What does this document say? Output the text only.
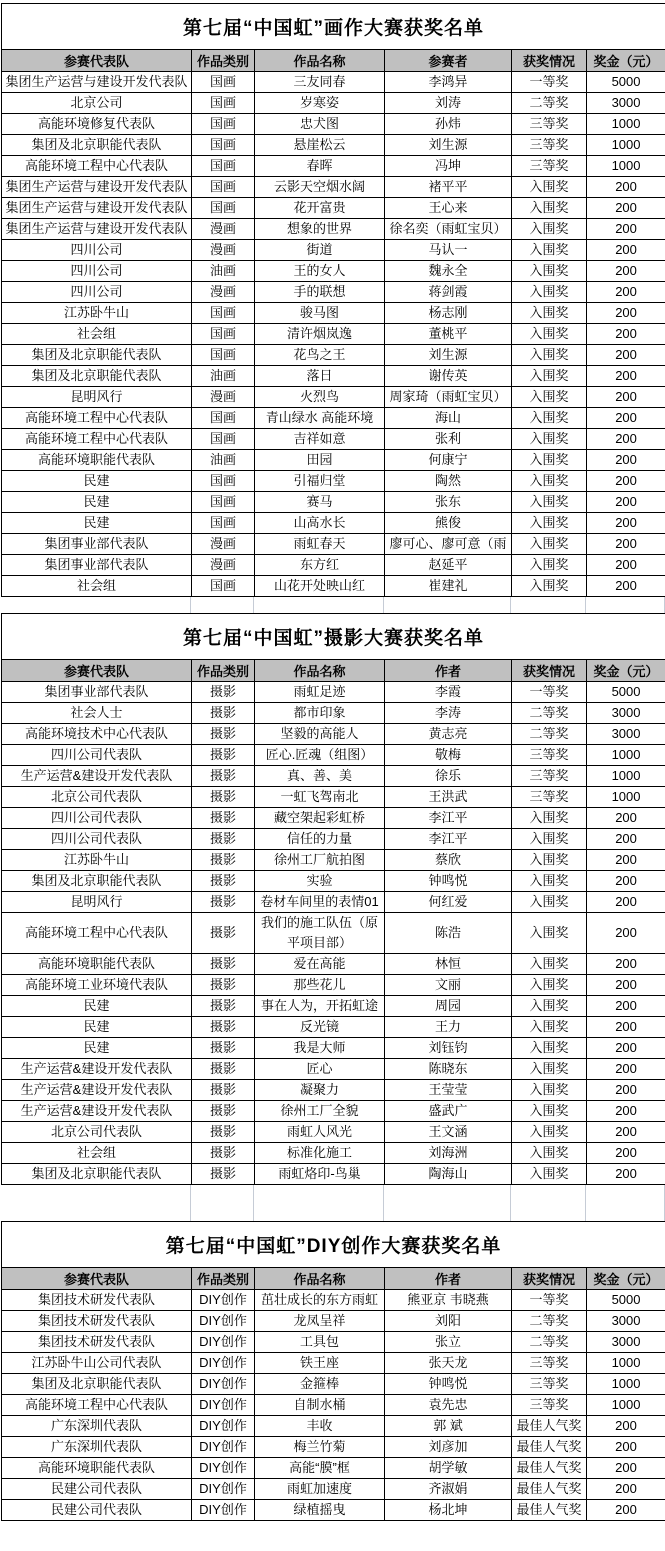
第七届“中国虹”画作大赛获奖名单					
参赛代表队	作品类别	作品名称	参赛者	获奖情况	奖金（元）
集团生产运营与建设开发代表队	国画	三友同春	李鸿异	一等奖	5000
北京公司	国画	岁寒姿	刘涛	二等奖	3000
高能环境修复代表队	国画	忠犬图	孙炜	三等奖	1000
集团及北京职能代表队	国画	悬崖松云	刘生源	三等奖	1000
高能环境工程中心代表队	国画	春晖	冯坤	三等奖	1000
集团生产运营与建设开发代表队	国画	云影天空烟水阔	褚平平	入围奖	200
集团生产运营与建设开发代表队	国画	花开富贵	王心来	入围奖	200
集团生产运营与建设开发代表队	漫画	想象的世界	徐名奕（雨虹宝贝）	入围奖	200
四川公司	漫画	街道	马认一	入围奖	200
四川公司	油画	王的女人	魏永全	入围奖	200
四川公司	漫画	手的联想	蒋剑霞	入围奖	200
江苏卧牛山	国画	骏马图	杨志刚	入围奖	200
社会组	国画	清许烟岚逸	董桃平	入围奖	200
集团及北京职能代表队	国画	花鸟之王	刘生源	入围奖	200
集团及北京职能代表队	油画	落日	谢传英	入围奖	200
昆明风行	漫画	火烈鸟	周家琦（雨虹宝贝）	入围奖	200
高能环境工程中心代表队	国画	青山绿水 高能环境	海山	入围奖	200
高能环境工程中心代表队	国画	吉祥如意	张利	入围奖	200
高能环境职能代表队	油画	田园	何康宁	入围奖	200
民建	国画	引福归堂	陶然	入围奖	200
民建	国画	赛马	张东	入围奖	200
民建	国画	山高水长	熊俊	入围奖	200
集团事业部代表队	漫画	雨虹春天	廖可心、廖可意（雨	入围奖	200
集团事业部代表队	漫画	东方红	赵延平	入围奖	200
社会组	国画	山花开处映山红	崔建礼	入围奖	200
第七届“中国虹”摄影大赛获奖名单					
参赛代表队	作品类别	作品名称	作者	获奖情况	奖金（元）
集团事业部代表队	摄影	雨虹足迹	李霞	一等奖	5000
社会人士	摄影	都市印象	李涛	二等奖	3000
高能环境技术中心代表队	摄影	坚毅的高能人	黄志亮	二等奖	3000
四川公司代表队	摄影	匠心.匠魂（组图）	敬梅	三等奖	1000
生产运营&建设开发代表队	摄影	真、善、美	徐乐	三等奖	1000
北京公司代表队	摄影	一虹飞驾南北	王洪武	三等奖	1000
四川公司代表队	摄影	藏空架起彩虹桥	李江平	入围奖	200
四川公司代表队	摄影	信任的力量	李江平	入围奖	200
江苏卧牛山	摄影	徐州工厂航拍图	蔡欣	入围奖	200
集团及北京职能代表队	摄影	实验	钟鸣悦	入围奖	200
昆明风行	摄影	卷材车间里的表情01	何红爱	入围奖	200
高能环境工程中心代表队	摄影	我们的施工队伍（原平项目部）	陈浩	入围奖	200
高能环境职能代表队	摄影	爱在高能	林恒	入围奖	200
高能环境工业环境代表队	摄影	那些花儿	文丽	入围奖	200
民建	摄影	事在人为，开拓虹途	周园	入围奖	200
民建	摄影	反光镜	王力	入围奖	200
民建	摄影	我是大师	刘钰钧	入围奖	200
生产运营&建设开发代表队	摄影	匠心	陈晓东	入围奖	200
生产运营&建设开发代表队	摄影	凝聚力	王莹莹	入围奖	200
生产运营&建设开发代表队	摄影	徐州工厂全貌	盛武广	入围奖	200
北京公司代表队	摄影	雨虹人风光	王文涵	入围奖	200
社会组	摄影	标准化施工	刘海洲	入围奖	200
集团及北京职能代表队	摄影	雨虹烙印-鸟巢	陶海山	入围奖	200
第七届“中国虹”DIY创作大赛获奖名单					
参赛代表队	作品类别	作品名称	作者	获奖情况	奖金（元）
集团技术研发代表队	DIY创作	茁壮成长的东方雨虹	熊亚京 韦晓燕	一等奖	5000
集团技术研发代表队	DIY创作	龙凤呈祥	刘阳	二等奖	3000
集团技术研发代表队	DIY创作	工具包	张立	二等奖	3000
江苏卧牛山公司代表队	DIY创作	铁王座	张天龙	三等奖	1000
集团及北京职能代表队	DIY创作	金箍棒	钟鸣悦	三等奖	1000
高能环境工程中心代表队	DIY创作	自制水桶	袁先忠	三等奖	1000
广东深圳代表队	DIY创作	丰收	郭 斌	最佳人气奖	200
广东深圳代表队	DIY创作	梅兰竹菊	刘彦加	最佳人气奖	200
高能环境职能代表队	DIY创作	高能“膜”框	胡学敏	最佳人气奖	200
民建公司代表队	DIY创作	雨虹加速度	齐淑娟	最佳人气奖	200
民建公司代表队	DIY创作	绿植摇曳	杨北坤	最佳人气奖	200
